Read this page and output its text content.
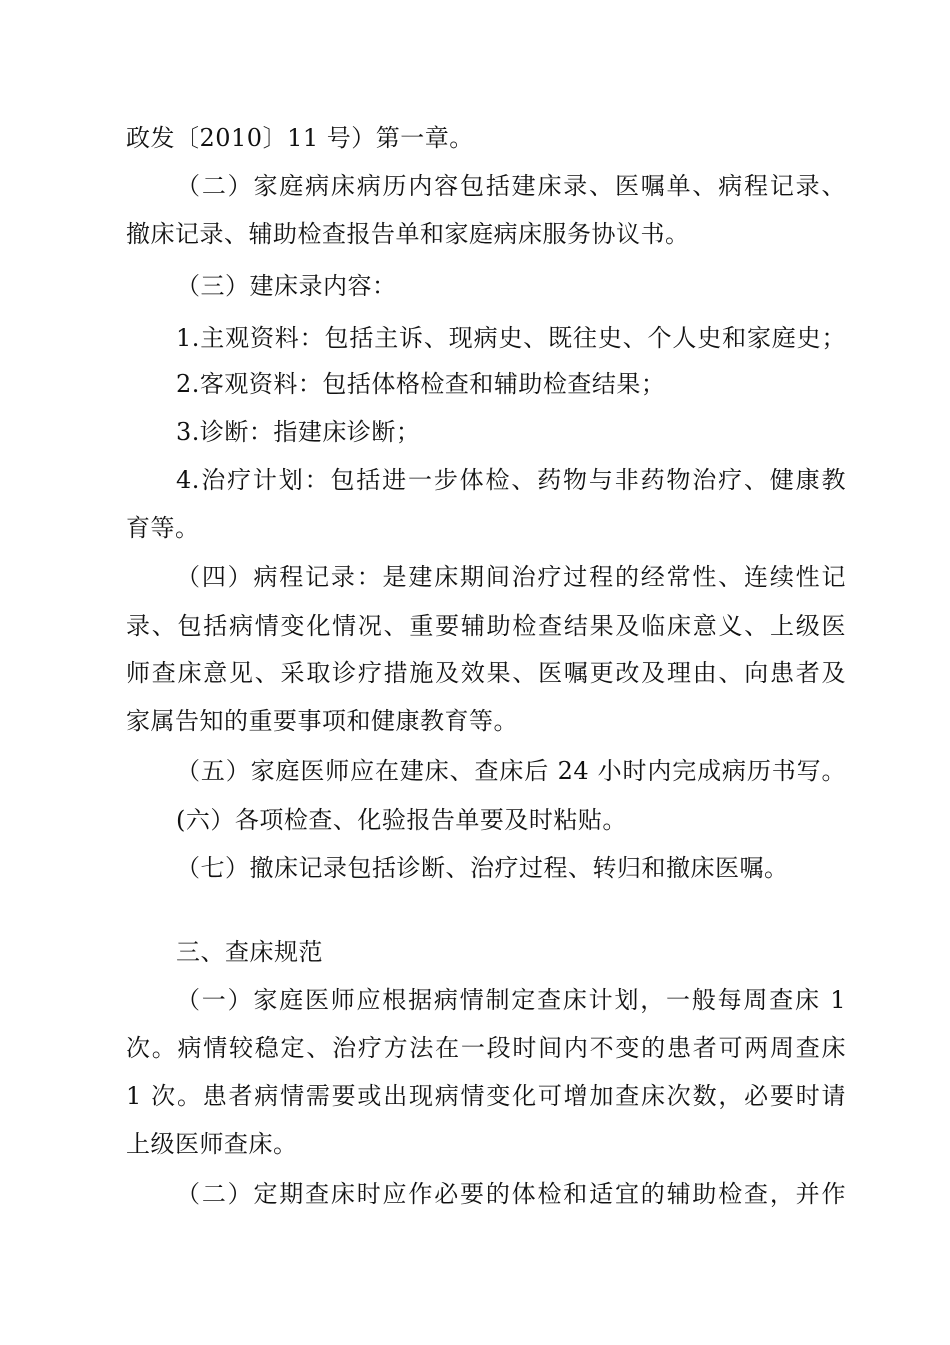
政发〔2010〕11 号）第一章。
（二）家庭病床病历内容包括建床录、医嘱单、病程记录、
撤床记录、辅助检查报告单和家庭病床服务协议书。
（三）建床录内容：
1.主观资料：包括主诉、现病史、既往史、个人史和家庭史；
2.客观资料：包括体格检查和辅助检查结果；
3.诊断：指建床诊断；
4.治疗计划：包括进一步体检、药物与非药物治疗、健康教
育等。
（四）病程记录：是建床期间治疗过程的经常性、连续性记
录、包括病情变化情况、重要辅助检查结果及临床意义、上级医
师查床意见、采取诊疗措施及效果、医嘱更改及理由、向患者及
家属告知的重要事项和健康教育等。
（五）家庭医师应在建床、查床后 24 小时内完成病历书写。
(六）各项检查、化验报告单要及时粘贴。
（七）撤床记录包括诊断、治疗过程、转归和撤床医嘱。
三、查床规范
（一）家庭医师应根据病情制定查床计划，一般每周查床 1
次。病情较稳定、治疗方法在一段时间内不变的患者可两周查床
1 次。患者病情需要或出现病情变化可增加查床次数，必要时请
上级医师查床。
（二）定期查床时应作必要的体检和适宜的辅助检查，并作
